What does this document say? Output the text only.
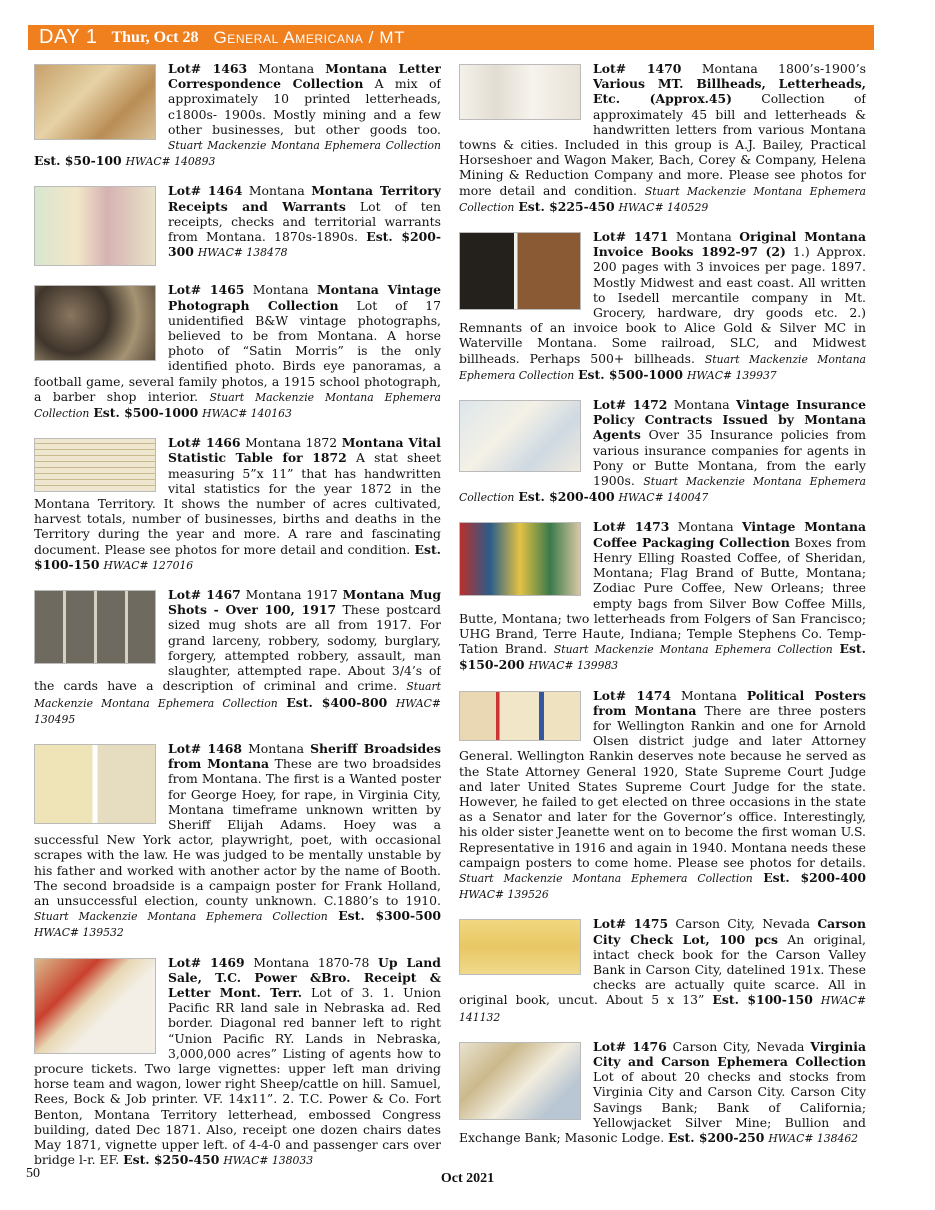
DAY 1 Thur, Oct 28 General Americana / MT
Lot# 1463 Montana Montana Letter Correspondence Collection A mix of approximately 10 printed letterheads, c1800s- 1900s. Mostly mining and a few other businesses, but other goods too. Stuart Mackenzie Montana Ephemera Collection Est. $50-100 HWAC# 140893
Lot# 1464 Montana Montana Territory Receipts and Warrants Lot of ten receipts, checks and territorial warrants from Montana. 1870s-1890s. Est. $200-300 HWAC# 138478
Lot# 1465 Montana Montana Vintage Photograph Collection Lot of 17 unidentified B&W vintage photographs, believed to be from Montana. A horse photo of “Satin Morris” is the only identified photo. Birds eye panoramas, a football game, several family photos, a 1915 school photograph, a barber shop interior. Stuart Mackenzie Montana Ephemera Collection Est. $500-1000 HWAC# 140163
Lot# 1466 Montana 1872 Montana Vital Statistic Table for 1872 A stat sheet measuring 5”x 11” that has handwritten vital statistics for the year 1872 in the Montana Territory. It shows the number of acres cultivated, harvest totals, number of businesses, births and deaths in the Territory during the year and more. A rare and fascinating document. Please see photos for more detail and condition. Est. $100-150 HWAC# 127016
Lot# 1467 Montana 1917 Montana Mug Shots - Over 100, 1917 These postcard sized mug shots are all from 1917. For grand larceny, robbery, sodomy, burglary, forgery, attempted robbery, assault, man slaughter, attempted rape. About 3/4’s of the cards have a description of criminal and crime. Stuart Mackenzie Montana Ephemera Collection Est. $400-800 HWAC# 130495
Lot# 1468 Montana Sheriff Broadsides from Montana These are two broadsides from Montana. The first is a Wanted poster for George Hoey, for rape, in Virginia City, Montana timeframe unknown written by Sheriff Elijah Adams. Hoey was a successful New York actor, playwright, poet, with occasional scrapes with the law. He was judged to be mentally unstable by his father and worked with another actor by the name of Booth. The second broadside is a campaign poster for Frank Holland, an unsuccessful election, county unknown. C.1880’s to 1910. Stuart Mackenzie Montana Ephemera Collection Est. $300-500 HWAC# 139532
Lot# 1469 Montana 1870-78 Up Land Sale, T.C. Power &Bro. Receipt & Letter Mont. Terr. Lot of 3. 1. Union Pacific RR land sale in Nebraska ad. Red border. Diagonal red banner left to right “Union Pacific RY. Lands in Nebraska, 3,000,000 acres” Listing of agents how to procure tickets. Two large vignettes: upper left man driving horse team and wagon, lower right Sheep/cattle on hill. Samuel, Rees, Bock & Job printer. VF. 14x11”. 2. T.C. Power & Co. Fort Benton, Montana Territory letterhead, embossed Congress building, dated Dec 1871. Also, receipt one dozen chairs dates May 1871, vignette upper left. of 4-4-0 and passenger cars over bridge l-r. EF. Est. $250-450 HWAC# 138033
Lot# 1470 Montana 1800’s-1900’s Various MT. Billheads, Letterheads, Etc. (Approx.45) Collection of approximately 45 bill and letterheads & handwritten letters from various Montana towns & cities. Included in this group is A.J. Bailey, Practical Horseshoer and Wagon Maker, Bach, Corey & Company, Helena Mining & Reduction Company and more. Please see photos for more detail and condition. Stuart Mackenzie Montana Ephemera Collection Est. $225-450 HWAC# 140529
Lot# 1471 Montana Original Montana Invoice Books 1892-97 (2) 1.) Approx. 200 pages with 3 invoices per page. 1897. Mostly Midwest and east coast. All written to Isedell mercantile company in Mt. Grocery, hardware, dry goods etc. 2.) Remnants of an invoice book to Alice Gold & Silver MC in Waterville Montana. Some railroad, SLC, and Midwest billheads. Perhaps 500+ billheads. Stuart Mackenzie Montana Ephemera Collection Est. $500-1000 HWAC# 139937
Lot# 1472 Montana Vintage Insurance Policy Contracts Issued by Montana Agents Over 35 Insurance policies from various insurance companies for agents in Pony or Butte Montana, from the early 1900s. Stuart Mackenzie Montana Ephemera Collection Est. $200-400 HWAC# 140047
Lot# 1473 Montana Vintage Montana Coffee Packaging Collection Boxes from Henry Elling Roasted Coffee, of Sheridan, Montana; Flag Brand of Butte, Montana; Zodiac Pure Coffee, New Orleans; three empty bags from Silver Bow Coffee Mills, Butte, Montana; two letterheads from Folgers of San Francisco; UHG Brand, Terre Haute, Indiana; Temple Stephens Co. Temp-Tation Brand. Stuart Mackenzie Montana Ephemera Collection Est. $150-200 HWAC# 139983
Lot# 1474 Montana Political Posters from Montana There are three posters for Wellington Rankin and one for Arnold Olsen district judge and later Attorney General. Wellington Rankin deserves note because he served as the State Attorney General 1920, State Supreme Court Judge and later United States Supreme Court Judge for the state. However, he failed to get elected on three occasions in the state as a Senator and later for the Governor’s office. Interestingly, his older sister Jeanette went on to become the first woman U.S. Representative in 1916 and again in 1940. Montana needs these campaign posters to come home. Please see photos for details. Stuart Mackenzie Montana Ephemera Collection Est. $200-400 HWAC# 139526
Lot# 1475 Carson City, Nevada Carson City Check Lot, 100 pcs An original, intact check book for the Carson Valley Bank in Carson City, datelined 191x. These checks are actually quite scarce. All in original book, uncut. About 5 x 13” Est. $100-150 HWAC# 141132
Lot# 1476 Carson City, Nevada Virginia City and Carson Ephemera Collection Lot of about 20 checks and stocks from Virginia City and Carson City. Carson City Savings Bank; Bank of California; Yellowjacket Silver Mine; Bullion and Exchange Bank; Masonic Lodge. Est. $200-250 HWAC# 138462
50	Oct 2021
